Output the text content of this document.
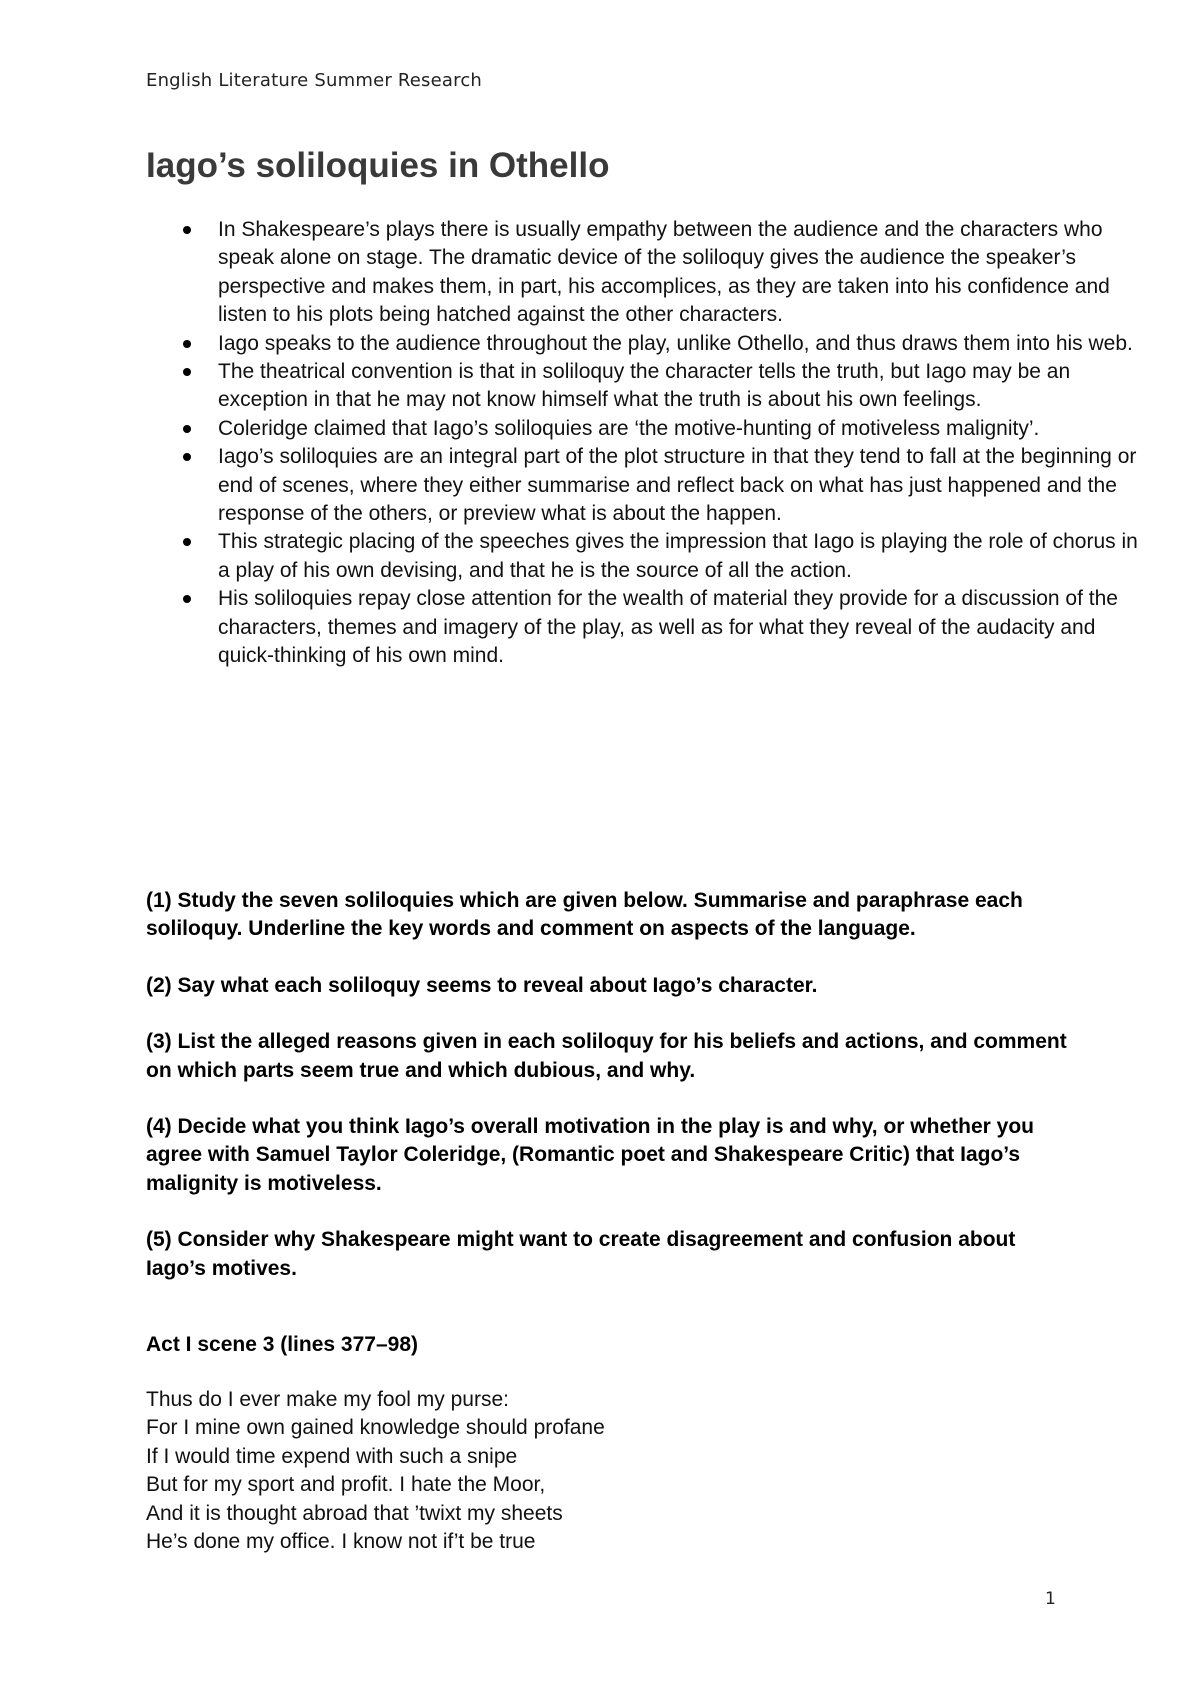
English Literature Summer Research
Iago’s soliloquies in Othello
In Shakespeare’s plays there is usually empathy between the audience and the characters who speak alone on stage. The dramatic device of the soliloquy gives the audience the speaker’s perspective and makes them, in part, his accomplices, as they are taken into his confidence and listen to his plots being hatched against the other characters.
Iago speaks to the audience throughout the play, unlike Othello, and thus draws them into his web.
The theatrical convention is that in soliloquy the character tells the truth, but Iago may be an exception in that he may not know himself what the truth is about his own feelings.
Coleridge claimed that Iago’s soliloquies are ‘the motive-hunting of motiveless malignity’.
Iago’s soliloquies are an integral part of the plot structure in that they tend to fall at the beginning or end of scenes, where they either summarise and reflect back on what has just happened and the response of the others, or preview what is about the happen.
This strategic placing of the speeches gives the impression that Iago is playing the role of chorus in a play of his own devising, and that he is the source of all the action.
His soliloquies repay close attention for the wealth of material they provide for a discussion of the characters, themes and imagery of the play, as well as for what they reveal of the audacity and quick-thinking of his own mind.

(1) Study the seven soliloquies which are given below. Summarise and paraphrase each soliloquy. Underline the key words and comment on aspects of the language.

(2) Say what each soliloquy seems to reveal about Iago’s character.

(3) List the alleged reasons given in each soliloquy for his beliefs and actions, and comment on which parts seem true and which dubious, and why.

(4) Decide what you think Iago’s overall motivation in the play is and why, or whether you agree with Samuel Taylor Coleridge, (Romantic poet and Shakespeare Critic) that Iago’s malignity is motiveless.

(5) Consider why Shakespeare might want to create disagreement and confusion about Iago’s motives.

Act I scene 3 (lines 377–98)
Thus do I ever make my fool my purse:
For I mine own gained knowledge should profane
If I would time expend with such a snipe
But for my sport and profit. I hate the Moor,
And it is thought abroad that ’twixt my sheets
He’s done my office. I know not if’t be true
1
